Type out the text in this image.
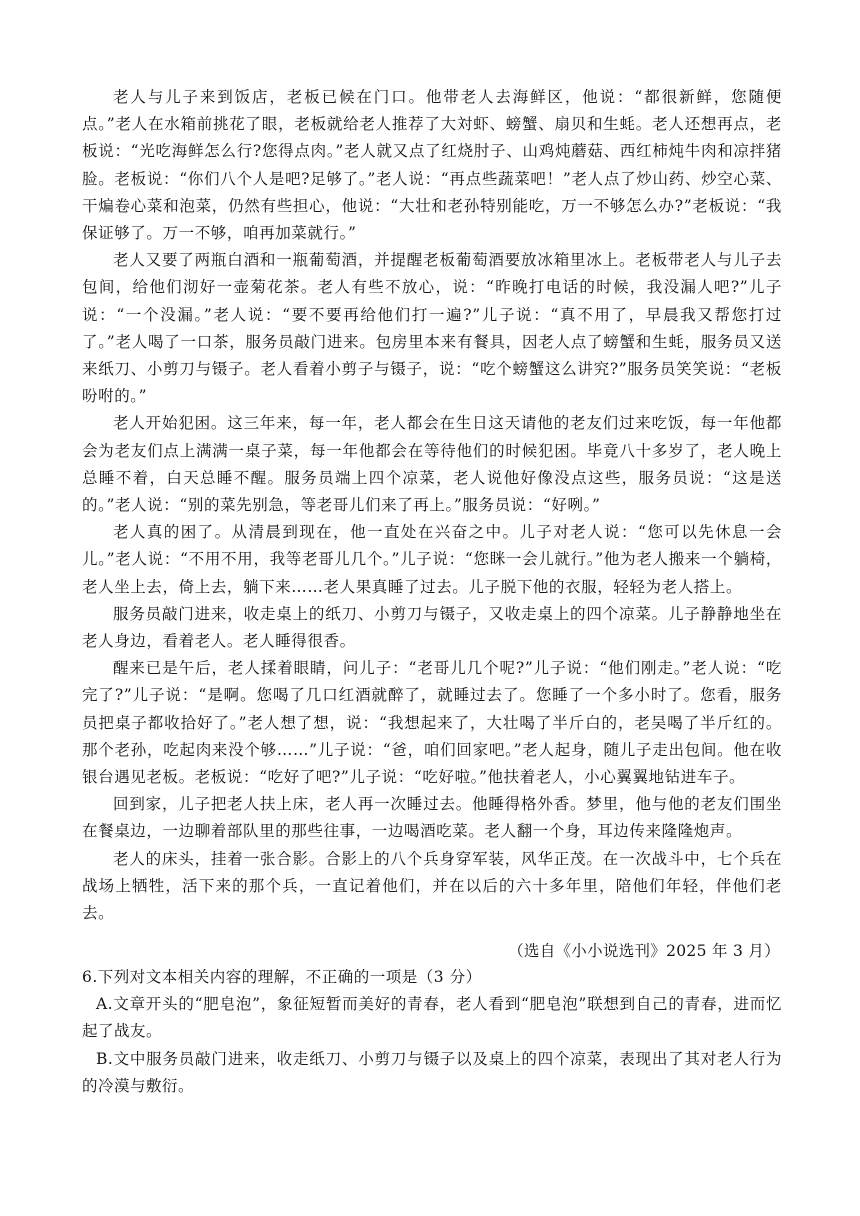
老人与儿子来到饭店，老板已候在门口。他带老人去海鲜区，他说：“都很新鲜，您随便点。”老人在水箱前挑花了眼，老板就给老人推荐了大対虾、螃蟹、扇贝和生蚝。老人还想再点，老板说：“光吃海鲜怎么行?您得点肉。”老人就又点了红烧肘子、山鸡炖蘑菇、西红柿炖牛肉和凉拌猪脸。老板说：“你们八个人是吧?足够了。”老人说：“再点些蔬菜吧！”老人点了炒山药、炒空心菜、干煸卷心菜和泡菜，仍然有些担心，他说：“大壮和老孙特别能吃，万一不够怎么办?”老板说：“我保证够了。万一不够，咱再加菜就行。”

老人又要了两瓶白酒和一瓶葡萄酒，并提醒老板葡萄酒要放冰箱里冰上。老板带老人与儿子去包间，给他们沏好一壶菊花茶。老人有些不放心，说：“昨晚打电话的时候，我没漏人吧?”儿子说：“一个没漏。”老人说：“要不要再给他们打一遍?”儿子说：“真不用了，早晨我又帮您打过了。”老人喝了一口茶，服务员敲门进来。包房里本来有餐具，因老人点了螃蟹和生蚝，服务员又送来纸刀、小剪刀与镊子。老人看着小剪子与镊子，说：“吃个螃蟹这么讲究?”服务员笑笑说：“老板吩咐的。”

老人开始犯困。这三年来，每一年，老人都会在生日这天请他的老友们过来吃饭，每一年他都会为老友们点上满满一桌子菜，每一年他都会在等待他们的时候犯困。毕竟八十多岁了，老人晚上总睡不着，白天总睡不醒。服务员端上四个凉菜，老人说他好像没点这些，服务员说：“这是送的。”老人说：“别的菜先别急，等老哥儿们来了再上。”服务员说：“好咧。”

老人真的困了。从清晨到现在，他一直处在兴奋之中。儿子对老人说：“您可以先休息一会儿。”老人说：“不用不用，我等老哥儿几个。”儿子说：“您眯一会儿就行。”他为老人搬来一个躺椅，老人坐上去，倚上去，躺下来……老人果真睡了过去。儿子脱下他的衣服，轻轻为老人搭上。

服务员敲门进来，收走桌上的纸刀、小剪刀与镊子，又收走桌上的四个凉菜。儿子静静地坐在老人身边，看着老人。老人睡得很香。

醒来已是午后，老人揉着眼睛，问儿子：“老哥儿几个呢?”儿子说：“他们刚走。”老人说：“吃完了?”儿子说：“是啊。您喝了几口红酒就醉了，就睡过去了。您睡了一个多小时了。您看，服务员把桌子都收拾好了。”老人想了想，说：“我想起来了，大壮喝了半斤白的，老吴喝了半斤红的。那个老孙，吃起肉来没个够……”儿子说：“爸，咱们回家吧。”老人起身，随儿子走出包间。他在收银台遇见老板。老板说：“吃好了吧?”儿子说：“吃好啦。”他扶着老人，小心翼翼地钻进车子。

回到家，儿子把老人扶上床，老人再一次睡过去。他睡得格外香。梦里，他与他的老友们围坐在餐桌边，一边聊着部队里的那些往事，一边喝酒吃菜。老人翻一个身，耳边传来隆隆炮声。

老人的床头，挂着一张合影。合影上的八个兵身穿军装，风华正茂。在一次战斗中，七个兵在战场上牺牲，活下来的那个兵，一直记着他们，并在以后的六十多年里，陪他们年轻，伴他们老去。

（选自《小小说选刊》2025 年 3 月）

6.下列对文本相关内容的理解，不正确的一项是（3 分）

A.文章开头的“肥皂泡”，象征短暂而美好的青春，老人看到“肥皂泡”联想到自己的青春，进而忆起了战友。

B.文中服务员敲门进来，收走纸刀、小剪刀与镊子以及桌上的四个凉菜，表现出了其对老人行为的冷漠与敷衍。
